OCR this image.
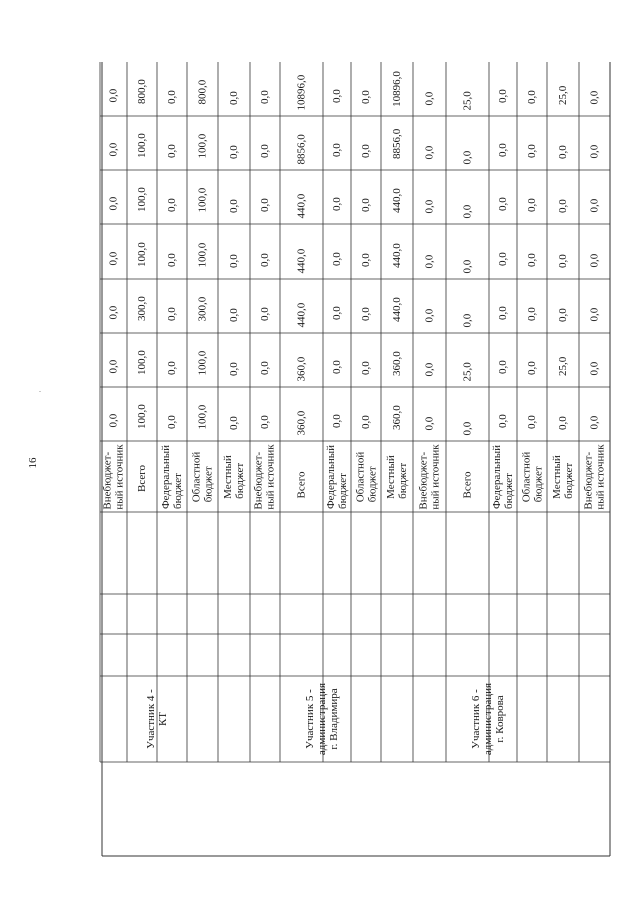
16
.
Внебюджет-
ный источник
0,0
0,0
0,0
0,0
0,0
0,0
0,0
Всего
Участник 4 -
КТ
100,0
100,0
300,0
100,0
100,0
100,0
800,0
Федеральный
бюджет
0,0
0,0
0,0
0,0
0,0
0,0
0,0
Областной
бюджет
100,0
100,0
300,0
100,0
100,0
100,0
800,0
Местный
бюджет
0,0
0,0
0,0
0,0
0,0
0,0
0,0
Внебюджет-
ный источник
0,0
0,0
0,0
0,0
0,0
0,0
0,0
Всего
Участник 5 -
администрация
г. Владимира
360,0
360,0
440,0
440,0
440,0
8856,0
10896,0
Федеральный
бюджет
0,0
0,0
0,0
0,0
0,0
0,0
0,0
Областной
бюджет
0,0
0,0
0,0
0,0
0,0
0,0
0,0
Местный
бюджет
360,0
360,0
440,0
440,0
440,0
8856,0
10896,0
Внебюджет-
ный источник
0,0
0,0
0,0
0,0
0,0
0,0
0,0
Всего
Участник 6 -
администрация
г. Коврова
0,0
25,0
0,0
0,0
0,0
0,0
25,0
Федеральный
бюджет
0,0
0,0
0,0
0,0
0,0
0,0
0,0
Областной
бюджет
0,0
0,0
0,0
0,0
0,0
0,0
0,0
Местный
бюджет
0,0
25,0
0,0
0,0
0,0
0,0
25,0
Внебюджет-
ный источник
0,0
0,0
0,0
0,0
0,0
0,0
0,0
